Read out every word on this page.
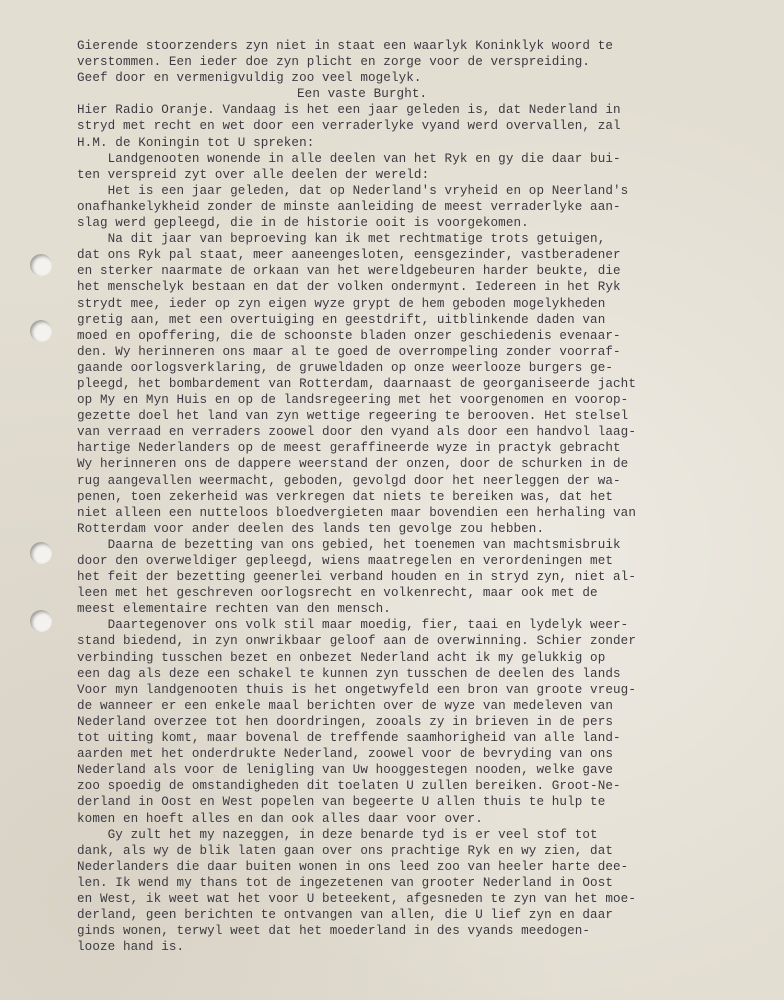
Gierende stoorzenders zyn niet in staat een waarlyk Koninklyk woord te
verstommen. Een ieder doe zyn plicht en zorge voor de verspreiding.
Geef door en vermenigvuldig zoo veel mogelyk.
Een vaste Burght.
Hier Radio Oranje. Vandaag is het een jaar geleden is, dat Nederland in
stryd met recht en wet door een verraderlyke vyand werd overvallen, zal
H.M. de Koningin tot U spreken:
Landgenooten wonende in alle deelen van het Ryk en gy die daar bui-
ten verspreid zyt over alle deelen der wereld:
Het is een jaar geleden, dat op Nederland's vryheid en op Neerland's
onafhankelykheid zonder de minste aanleiding de meest verraderlyke aan-
slag werd gepleegd, die in de historie ooit is voorgekomen.
Na dit jaar van beproeving kan ik met rechtmatige trots getuigen,
dat ons Ryk pal staat, meer aaneengesloten, eensgezinder, vastberadener
en sterker naarmate de orkaan van het wereldgebeuren harder beukte, die
het menschelyk bestaan en dat der volken ondermynt. Iedereen in het Ryk
strydt mee, ieder op zyn eigen wyze grypt de hem geboden mogelykheden
gretig aan, met een overtuiging en geestdrift, uitblinkende daden van
moed en opoffering, die de schoonste bladen onzer geschiedenis evenaar-
den. Wy herinneren ons maar al te goed de overrompeling zonder voorraf-
gaande oorlogsverklaring, de gruweldaden op onze weerlooze burgers ge-
pleegd, het bombardement van Rotterdam, daarnaast de georganiseerde jacht
op My en Myn Huis en op de landsregeering met het voorgenomen en voorop-
gezette doel het land van zyn wettige regeering te berooven. Het stelsel
van verraad en verraders zoowel door den vyand als door een handvol laag-
hartige Nederlanders op de meest geraffineerde wyze in practyk gebracht
Wy herinneren ons de dappere weerstand der onzen, door de schurken in de
rug aangevallen weermacht, geboden, gevolgd door het neerleggen der wa-
penen, toen zekerheid was verkregen dat niets te bereiken was, dat het
niet alleen een nutteloos bloedvergieten maar bovendien een herhaling van
Rotterdam voor ander deelen des lands ten gevolge zou hebben.
Daarna de bezetting van ons gebied, het toenemen van machtsmisbruik
door den overweldiger gepleegd, wiens maatregelen en verordeningen met
het feit der bezetting geenerlei verband houden en in stryd zyn, niet al-
leen met het geschreven oorlogsrecht en volkenrecht, maar ook met de
meest elementaire rechten van den mensch.
Daartegenover ons volk stil maar moedig, fier, taai en lydelyk weer-
stand biedend, in zyn onwrikbaar geloof aan de overwinning. Schier zonder
verbinding tusschen bezet en onbezet Nederland acht ik my gelukkig op
een dag als deze een schakel te kunnen zyn tusschen de deelen des lands
Voor myn landgenooten thuis is het ongetwyfeld een bron van groote vreug-
de wanneer er een enkele maal berichten over de wyze van medeleven van
Nederland overzee tot hen doordringen, zooals zy in brieven in de pers
tot uiting komt, maar bovenal de treffende saamhorigheid van alle land-
aarden met het onderdrukte Nederland, zoowel voor de bevryding van ons
Nederland als voor de lenigling van Uw hooggestegen nooden, welke gave
zoo spoedig de omstandigheden dit toelaten U zullen bereiken. Groot-Ne-
derland in Oost en West popelen van begeerte U allen thuis te hulp te
komen en hoeft alles en dan ook alles daar voor over.
Gy zult het my nazeggen, in deze benarde tyd is er veel stof tot
dank, als wy de blik laten gaan over ons prachtige Ryk en wy zien, dat
Nederlanders die daar buiten wonen in ons leed zoo van heeler harte dee-
len. Ik wend my thans tot de ingezetenen van grooter Nederland in Oost
en West, ik weet wat het voor U beteekent, afgesneden te zyn van het moe-
derland, geen berichten te ontvangen van allen, die U lief zyn en daar
ginds wonen, terwyl weet dat het moederland in des vyands meedogen-
looze hand is.
